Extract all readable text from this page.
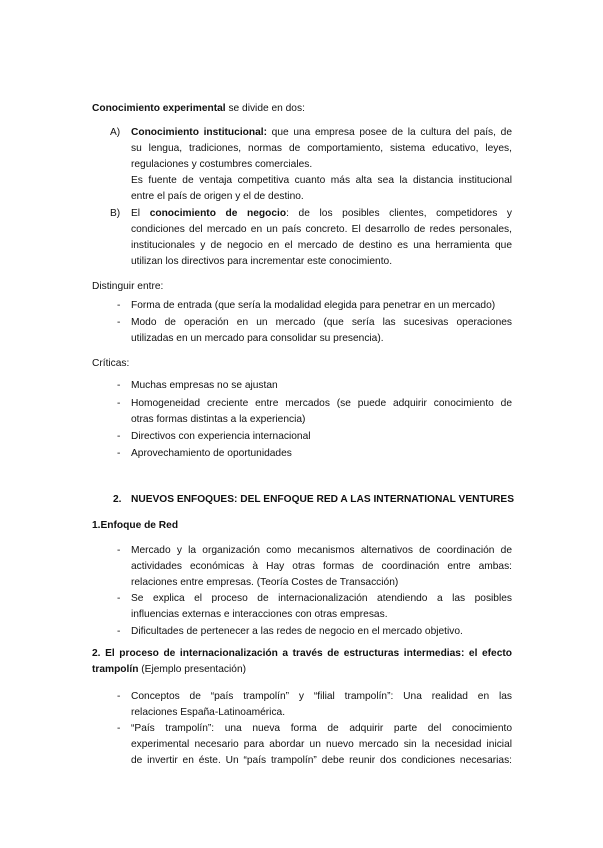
Conocimiento experimental se divide en dos:
A) Conocimiento institucional: que una empresa posee de la cultura del país, de
su lengua, tradiciones, normas de comportamiento, sistema educativo, leyes,
regulaciones y costumbres comerciales.
Es fuente de ventaja competitiva cuanto más alta sea la distancia institucional
entre el país de origen y el de destino.
B) El conocimiento de negocio: de los posibles clientes, competidores y
condiciones del mercado en un país concreto. El desarrollo de redes personales,
institucionales y de negocio en el mercado de destino es una herramienta que
utilizan los directivos para incrementar este conocimiento.
Distinguir entre:
- Forma de entrada (que sería la modalidad elegida para penetrar en un mercado)
- Modo de operación en un mercado (que sería las sucesivas operaciones
utilizadas en un mercado para consolidar su presencia).
Críticas:
- Muchas empresas no se ajustan
- Homogeneidad creciente entre mercados (se puede adquirir conocimiento de
otras formas distintas a la experiencia)
- Directivos con experiencia internacional
- Aprovechamiento de oportunidades
2. NUEVOS ENFOQUES: DEL ENFOQUE RED A LAS INTERNATIONAL VENTURES
1.Enfoque de Red
- Mercado y la organización como mecanismos alternativos de coordinación de
actividades económicas à Hay otras formas de coordinación entre ambas:
relaciones entre empresas. (Teoría Costes de Transacción)
- Se explica el proceso de internacionalización atendiendo a las posibles
influencias externas e interacciones con otras empresas.
- Dificultades de pertenecer a las redes de negocio en el mercado objetivo.
2. El proceso de internacionalización a través de estructuras intermedias: el efecto
trampolín (Ejemplo presentación)
- Conceptos de “país trampolín” y “filial trampolín”: Una realidad en las
relaciones España-Latinoamérica.
- “País trampolín”: una nueva forma de adquirir parte del conocimiento
experimental necesario para abordar un nuevo mercado sin la necesidad inicial
de invertir en éste. Un “país trampolín” debe reunir dos condiciones necesarias:
